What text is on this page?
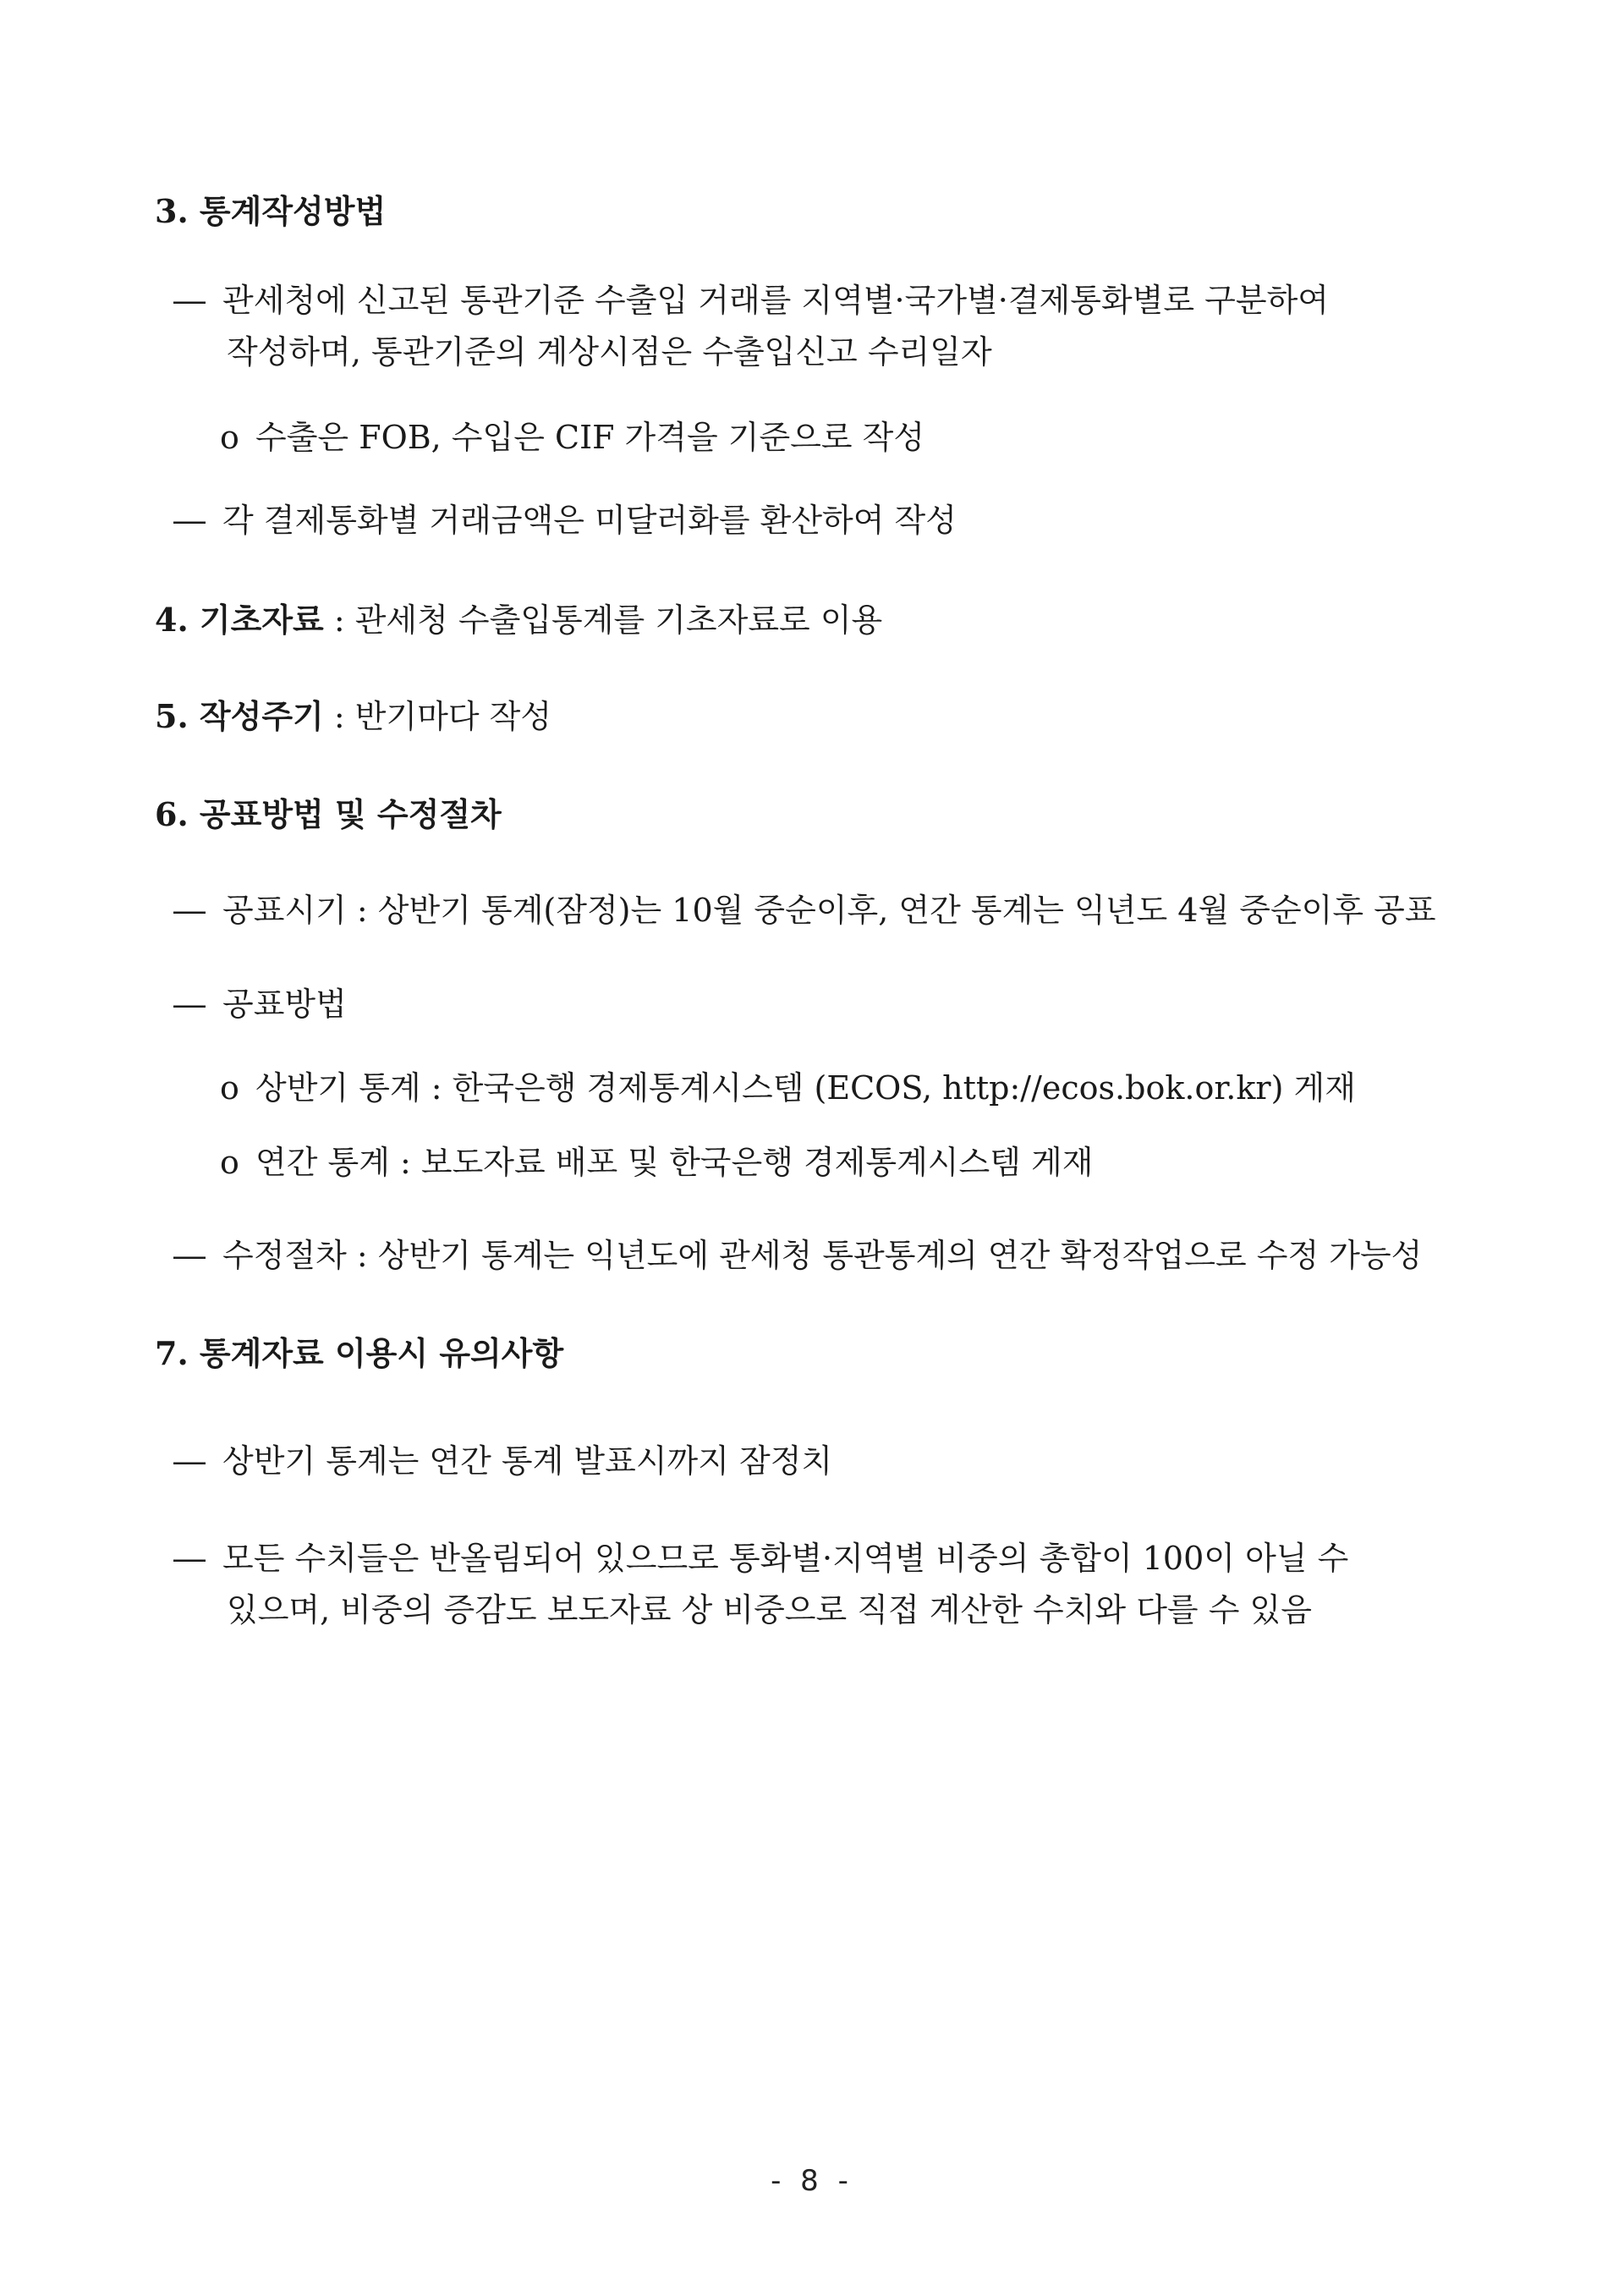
3. 통계작성방법
― 관세청에 신고된 통관기준 수출입 거래를 지역별·국가별·결제통화별로 구분하여
작성하며, 통관기준의 계상시점은 수출입신고 수리일자
o 수출은 FOB, 수입은 CIF 가격을 기준으로 작성
― 각 결제통화별 거래금액은 미달러화를 환산하여 작성
4. 기초자료 : 관세청 수출입통계를 기초자료로 이용
5. 작성주기 : 반기마다 작성
6. 공표방법 및 수정절차
― 공표시기 : 상반기 통계(잠정)는 10월 중순이후, 연간 통계는 익년도 4월 중순이후 공표
― 공표방법
o 상반기 통계 : 한국은행 경제통계시스템 (ECOS, http://ecos.bok.or.kr) 게재
o 연간 통계 : 보도자료 배포 및 한국은행 경제통계시스템 게재
― 수정절차 : 상반기 통계는 익년도에 관세청 통관통계의 연간 확정작업으로 수정 가능성
7. 통계자료 이용시 유의사항
― 상반기 통계는 연간 통계 발표시까지 잠정치
― 모든 수치들은 반올림되어 있으므로 통화별·지역별 비중의 총합이 100이 아닐 수
있으며, 비중의 증감도 보도자료 상 비중으로 직접 계산한 수치와 다를 수 있음
- 8 -
